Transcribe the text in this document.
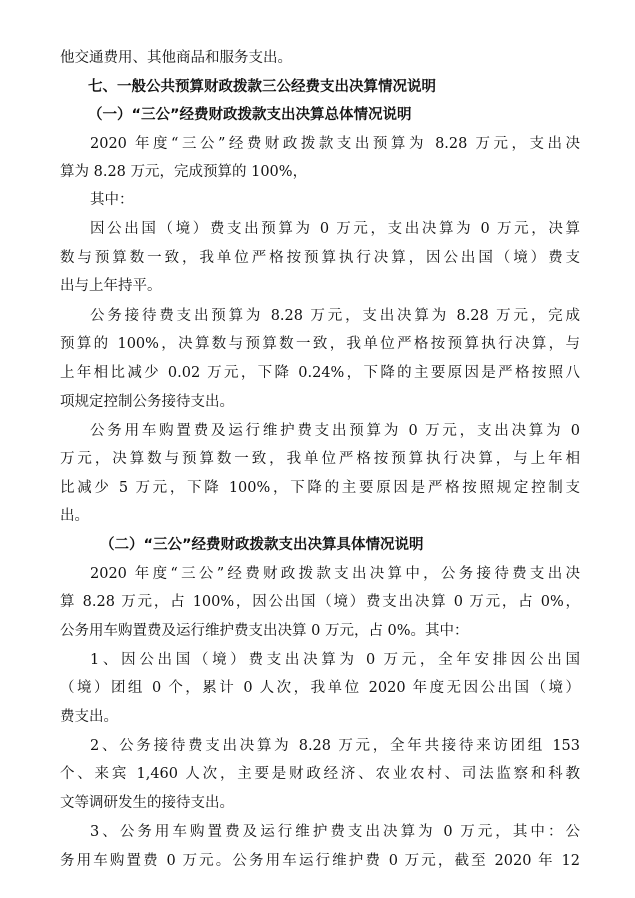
他交通费用、其他商品和服务支出。
七、一般公共预算财政拨款三公经费支出决算情况说明
（一）“三公”经费财政拨款支出决算总体情况说明
2020 年度“三公”经费财政拨款支出预算为 8.28 万元，支出决
算为 8.28 万元，完成预算的 100%，
其中：
因公出国（境）费支出预算为 0 万元，支出决算为 0 万元，决算
数与预算数一致，我单位严格按预算执行决算，因公出国（境）费支
出与上年持平。
公务接待费支出预算为 8.28 万元，支出决算为 8.28 万元，完成
预算的 100%，决算数与预算数一致，我单位严格按预算执行决算，与
上年相比减少 0.02 万元，下降 0.24%，下降的主要原因是严格按照八
项规定控制公务接待支出。
公务用车购置费及运行维护费支出预算为 0 万元，支出决算为 0
万元，决算数与预算数一致，我单位严格按预算执行决算，与上年相
比减少 5 万元，下降 100%，下降的主要原因是严格按照规定控制支
出。
（二）“三公”经费财政拨款支出决算具体情况说明
2020 年度“三公”经费财政拨款支出决算中，公务接待费支出决
算 8.28 万元，占 100%，因公出国（境）费支出决算 0 万元，占 0%，
公务用车购置费及运行维护费支出决算 0 万元，占 0%。其中：
1、因公出国（境）费支出决算为 0 万元，全年安排因公出国
（境）团组 0 个，累计 0 人次，我单位 2020 年度无因公出国（境）
费支出。
2、公务接待费支出决算为 8.28 万元，全年共接待来访团组 153
个、来宾 1,460 人次，主要是财政经济、农业农村、司法监察和科教
文等调研发生的接待支出。
3、公务用车购置费及运行维护费支出决算为 0 万元，其中：公
务用车购置费 0 万元。公务用车运行维护费 0 万元，截至 2020 年 12
